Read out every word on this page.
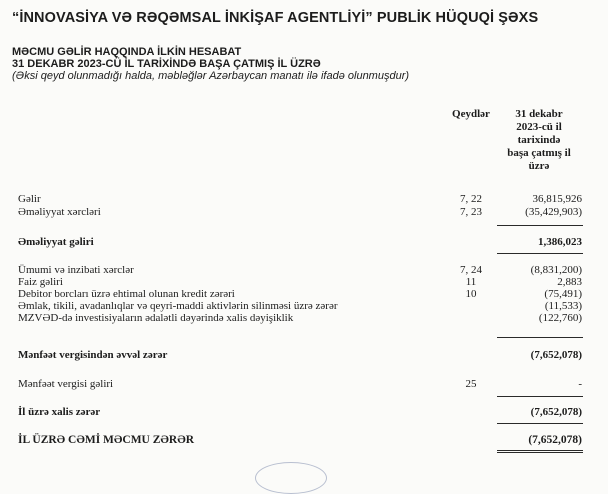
“İNNOVASİYA VƏ RƏQƏMSAL İNKİŞAF AGENTLİYİ” PUBLİK HÜQUQİ ŞƏXS
MƏCMU GƏLİR HAQQINDA İLKİN HESABAT
31 DEKABR 2023-CÜ İL TARİXİNDƏ BAŞA ÇATMIŞ İL ÜZRƏ
(Əksi qeyd olunmadığı halda, məbləğlər Azərbaycan manatı ilə ifadə olunmuşdur)
Qeydlər	31 dekabr
2023-cü il
tarixində
başa çatmış il
üzrə
Gəlir	7, 22	36,815,926
Əməliyyat xərcləri	7, 23	(35,429,903)
Əməliyyat gəliri	1,386,023
Ümumi və inzibati xərclər	7, 24	(8,831,200)
Faiz gəliri	11	2,883
Debitor borcları üzrə ehtimal olunan kredit zərəri	10	(75,491)
Əmlak, tikili, avadanlıqlar və qeyri-maddi aktivlərin silinməsi üzrə zərər	(11,533)
MZVƏD-də investisiyaların ədalətli dəyərində xalis dəyişiklik	(122,760)
Mənfəət vergisindən əvvəl zərər	(7,652,078)
Mənfəət vergisi gəliri	25	-
İl üzrə xalis zərər	(7,652,078)
İL ÜZRƏ CƏMİ MƏCMU ZƏRƏR	(7,652,078)
